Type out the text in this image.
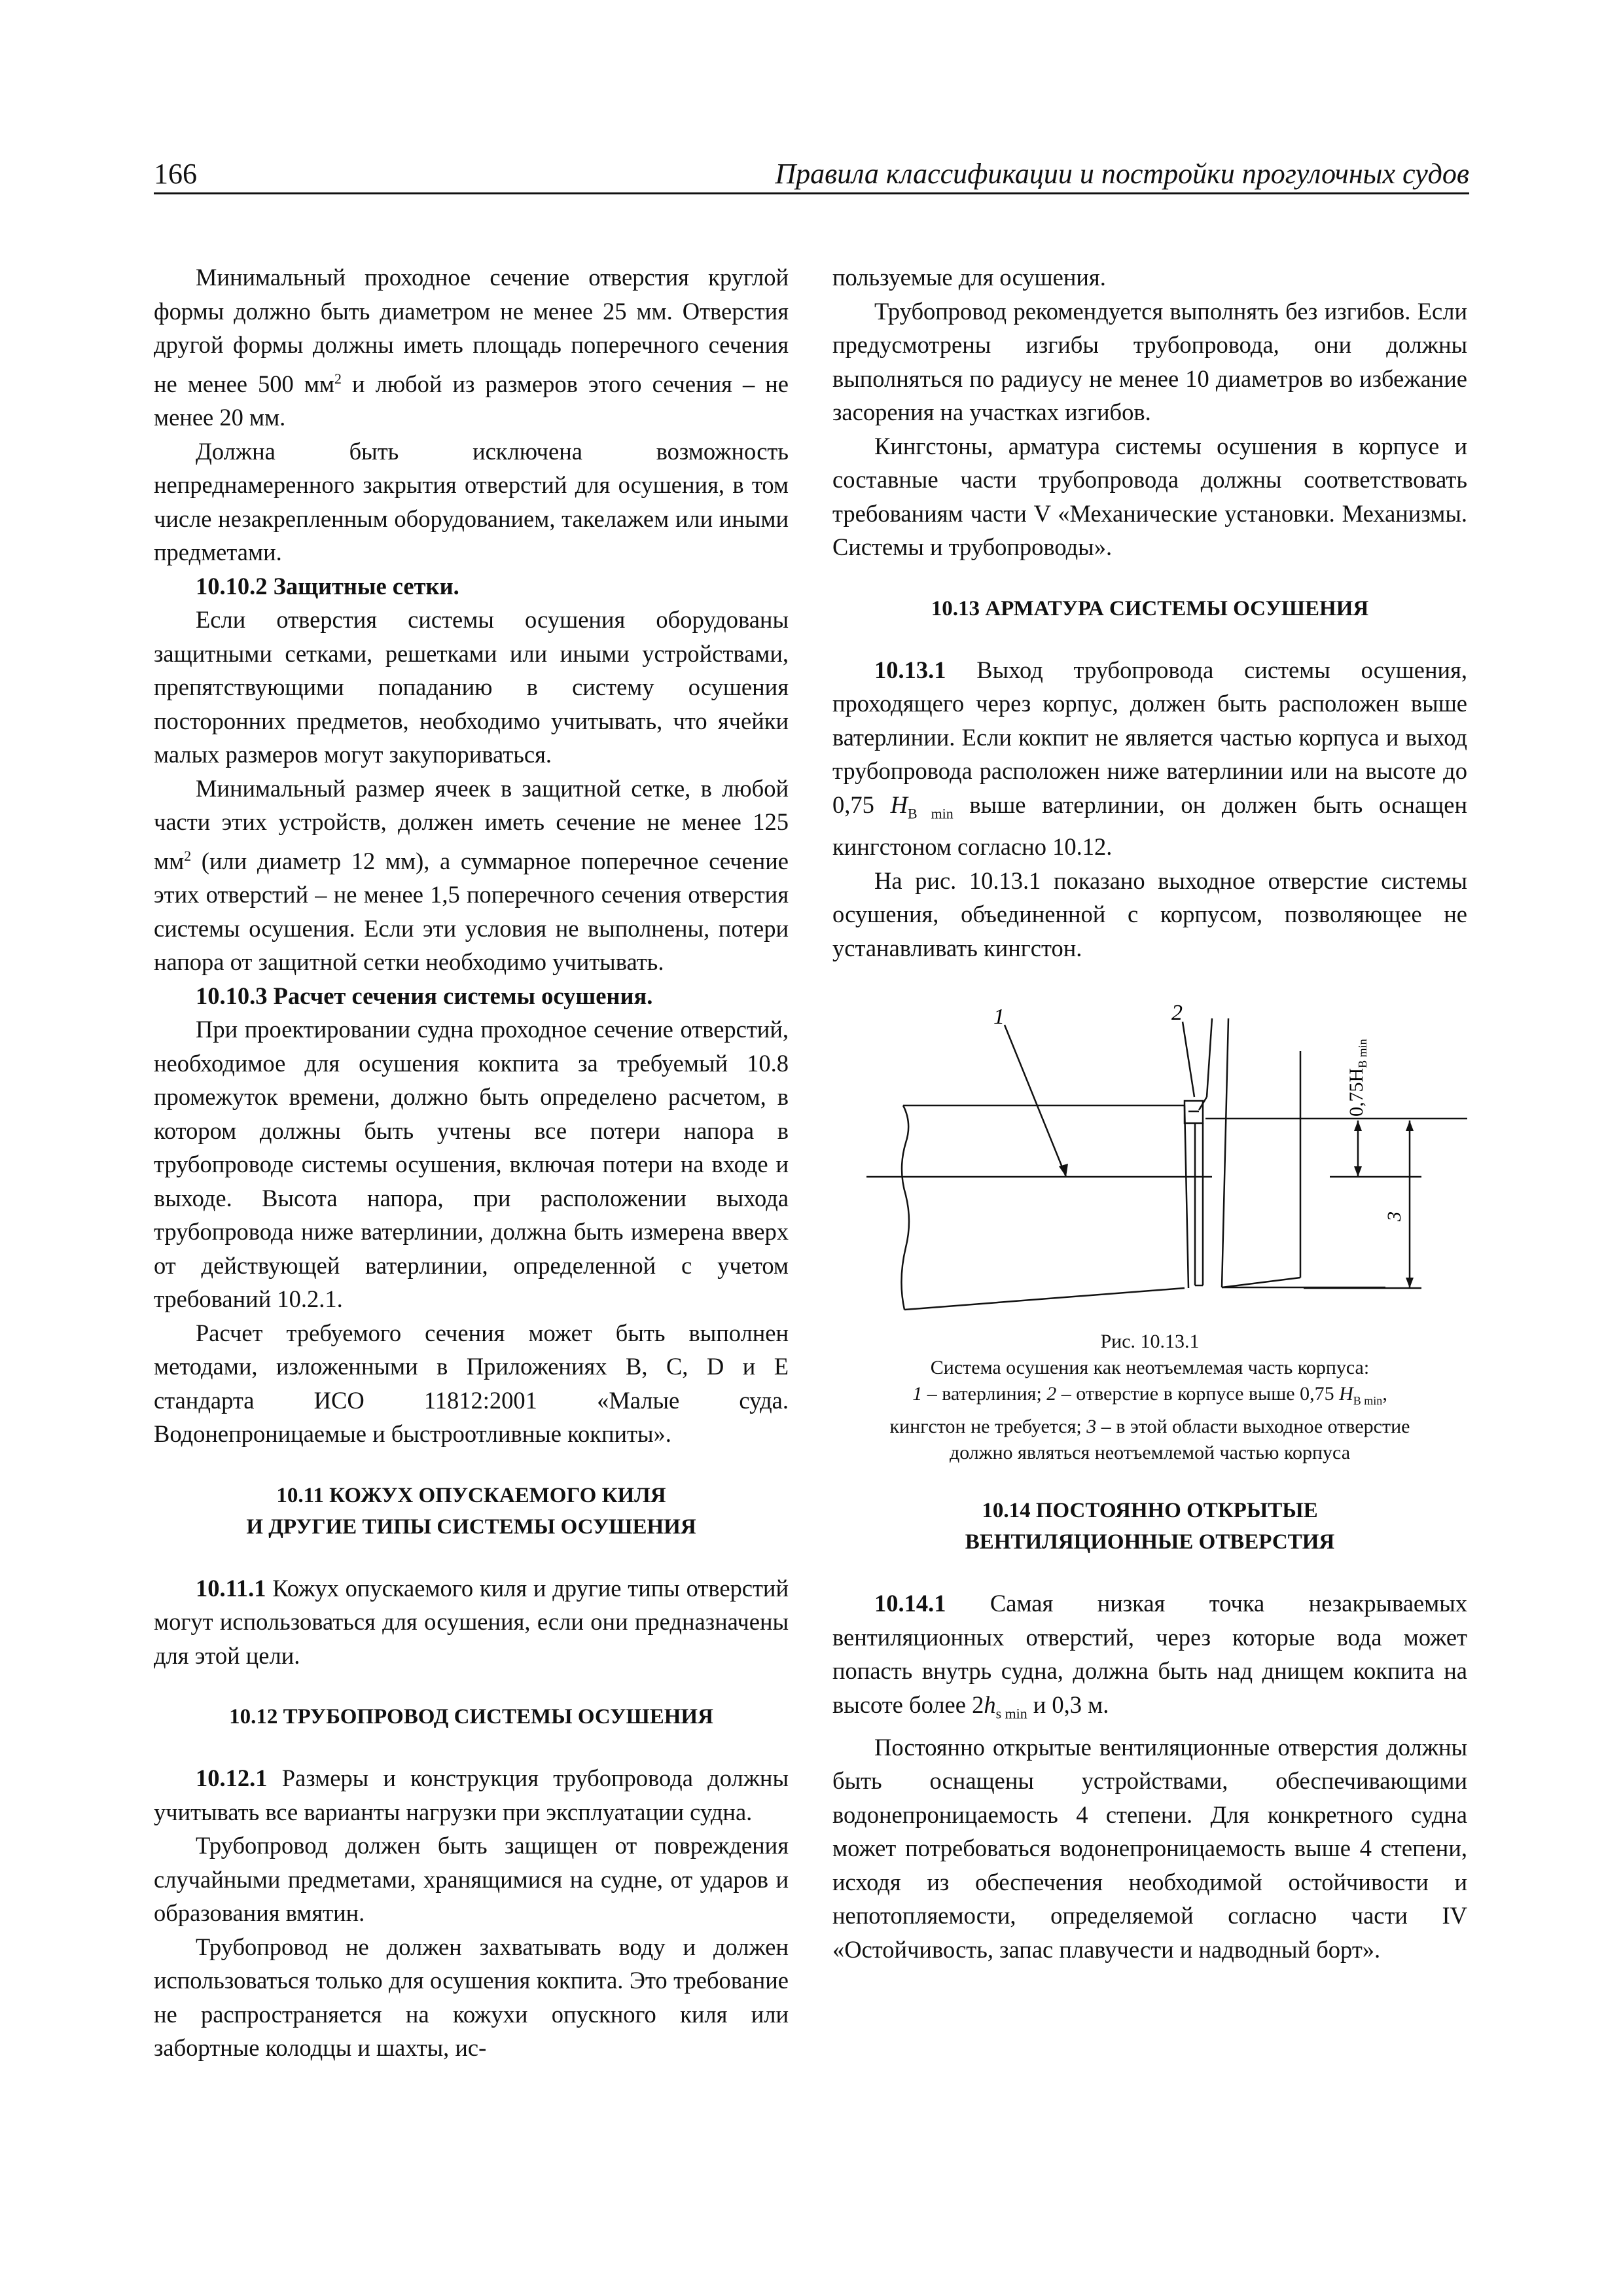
166	Правила классификации и постройки прогулочных судов

Минимальный проходное сечение отверстия круглой формы должно быть диаметром не менее 25 мм. Отверстия другой формы должны иметь площадь поперечного сечения не менее 500 $мм^2$ и любой из размеров этого сечения – не менее 20 мм.

Должна быть исключена возможность непреднамеренного закрытия отверстий для осушения, в том числе незакрепленным оборудованием, такелажем или иными предметами.

10.10.2 Защитные сетки.

Если отверстия системы осушения оборудованы защитными сетками, решетками или иными устройствами, препятствующими попаданию в систему осушения посторонних предметов, необходимо учитывать, что ячейки малых размеров могут закупориваться.

Минимальный размер ячеек в защитной сетке, в любой части этих устройств, должен иметь сечение не менее 125 $мм^2$ (или диаметр 12 мм), а суммарное поперечное сечение этих отверстий – не менее 1,5 поперечного сечения отверстия системы осушения. Если эти условия не выполнены, потери напора от защитной сетки необходимо учитывать.

10.10.3 Расчет сечения системы осушения.

При проектировании судна проходное сечение отверстий, необходимое для осушения кокпита за требуемый 10.8 промежуток времени, должно быть определено расчетом, в котором должны быть учтены все потери напора в трубопроводе системы осушения, включая потери на входе и выходе. Высота напора, при расположении выхода трубопровода ниже ватерлинии, должна быть измерена вверх от действующей ватерлинии, определенной с учетом требований 10.2.1.

Расчет требуемого сечения может быть выполнен методами, изложенными в Приложениях B, C, D и E стандарта ИСО 11812:2001 «Малые суда. Водонепроницаемые и быстроотливные кокпиты».

10.11 КОЖУХ ОПУСКАЕМОГО КИЛЯ
И ДРУГИЕ ТИПЫ СИСТЕМЫ ОСУШЕНИЯ

10.11.1 Кожух опускаемого киля и другие типы отверстий могут использоваться для осушения, если они предназначены для этой цели.

10.12 ТРУБОПРОВОД СИСТЕМЫ ОСУШЕНИЯ

10.12.1 Размеры и конструкция трубопровода должны учитывать все варианты нагрузки при эксплуатации судна.

Трубопровод должен быть защищен от повреждения случайными предметами, хранящимися на судне, от ударов и образования вмятин.

Трубопровод не должен захватывать воду и должен использоваться только для осушения кокпита. Это требование не распространяется на кожухи опускного киля или забортные колодцы и шахты, ис-

пользуемые для осушения.

Трубопровод рекомендуется выполнять без изгибов. Если предусмотрены изгибы трубопровода, они должны выполняться по радиусу не менее 10 диаметров во избежание засорения на участках изгибов.

Кингстоны, арматура системы осушения в корпусе и составные части трубопровода должны соответствовать требованиям части V «Механические установки. Механизмы. Системы и трубопроводы».

10.13 АРМАТУРА СИСТЕМЫ ОСУШЕНИЯ

10.13.1 Выход трубопровода системы осушения, проходящего через корпус, должен быть расположен выше ватерлинии. Если кокпит не является частью корпуса и выход трубопровода расположен ниже ватерлинии или на высоте до 0,75 $H_{B min}$ выше ватерлинии, он должен быть оснащен кингстоном согласно 10.12.

На рис. 10.13.1 показано выходное отверстие системы осушения, объединенной с корпусом, позволяющее не устанавливать кингстон.

1	2
$0,75H_{B min}$
3

Рис. 10.13.1

Система осушения как неотъемлемая часть корпуса:

1 – ватерлиния; 2 – отверстие в корпусе выше 0,75 $H_{B min}$,

кингстон не требуется; 3 – в этой области выходное отверстие

должно являться неотъемлемой частью корпуса

10.14 ПОСТОЯННО ОТКРЫТЫЕ
ВЕНТИЛЯЦИОННЫЕ ОТВЕРСТИЯ

10.14.1 Самая низкая точка незакрываемых вентиляционных отверстий, через которые вода может попасть внутрь судна, должна быть над днищем кокпита на высоте более $2h_{s min}$ и 0,3 м.

Постоянно открытые вентиляционные отверстия должны быть оснащены устройствами, обеспечивающими водонепроницаемость 4 степени. Для конкретного судна может потребоваться водонепроницаемость выше 4 степени, исходя из обеспечения необходимой остойчивости и непотопляемости, определяемой согласно части IV «Остойчивость, запас плавучести и надводный борт».
